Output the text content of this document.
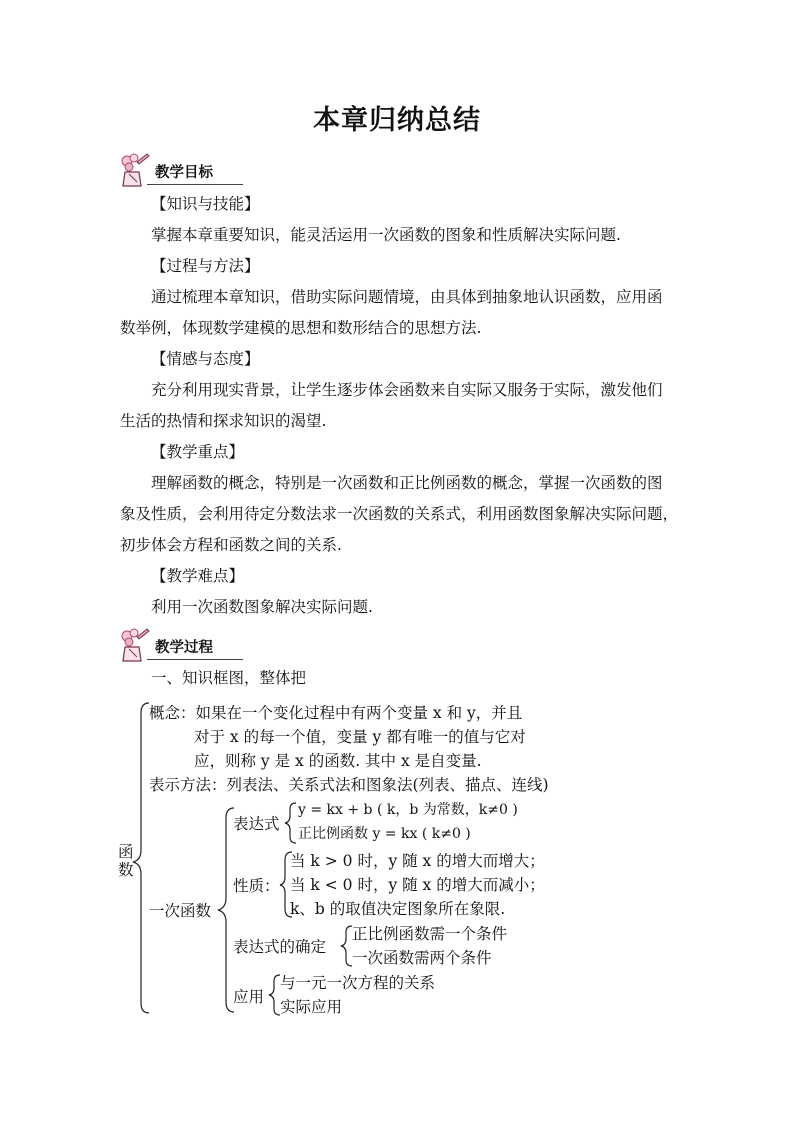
本章归纳总结
教学目标
【知识与技能】
掌握本章重要知识，能灵活运用一次函数的图象和性质解决实际问题.
【过程与方法】
通过梳理本章知识，借助实际问题情境，由具体到抽象地认识函数，应用函
数举例，体现数学建模的思想和数形结合的思想方法.
【情感与态度】
充分利用现实背景，让学生逐步体会函数来自实际又服务于实际，激发他们
生活的热情和探求知识的渴望.
【教学重点】
理解函数的概念，特别是一次函数和正比例函数的概念，掌握一次函数的图
象及性质，会利用待定分数法求一次函数的关系式，利用函数图象解决实际问题，
初步体会方程和函数之间的关系.
【教学难点】
利用一次函数图象解决实际问题.
教学过程
一、知识框图，整体把
函数
概念：如果在一个变化过程中有两个变量 x 和 y，并且
对于 x 的每一个值，变量 y 都有唯一的值与它对
应，则称 y 是 x 的函数. 其中 x 是自变量.
表示方法：列表法、关系式法和图象法(列表、描点、连线)
一次函数
表达式
y = kx + b ( k，b 为常数，k≠0 )
正比例函数 y = kx ( k≠0 )
性质：
当 k > 0 时，y 随 x 的增大而增大；
当 k < 0 时，y 随 x 的增大而减小；
k、b 的取值决定图象所在象限.
表达式的确定
正比例函数需一个条件
一次函数需两个条件
应用
与一元一次方程的关系
实际应用
